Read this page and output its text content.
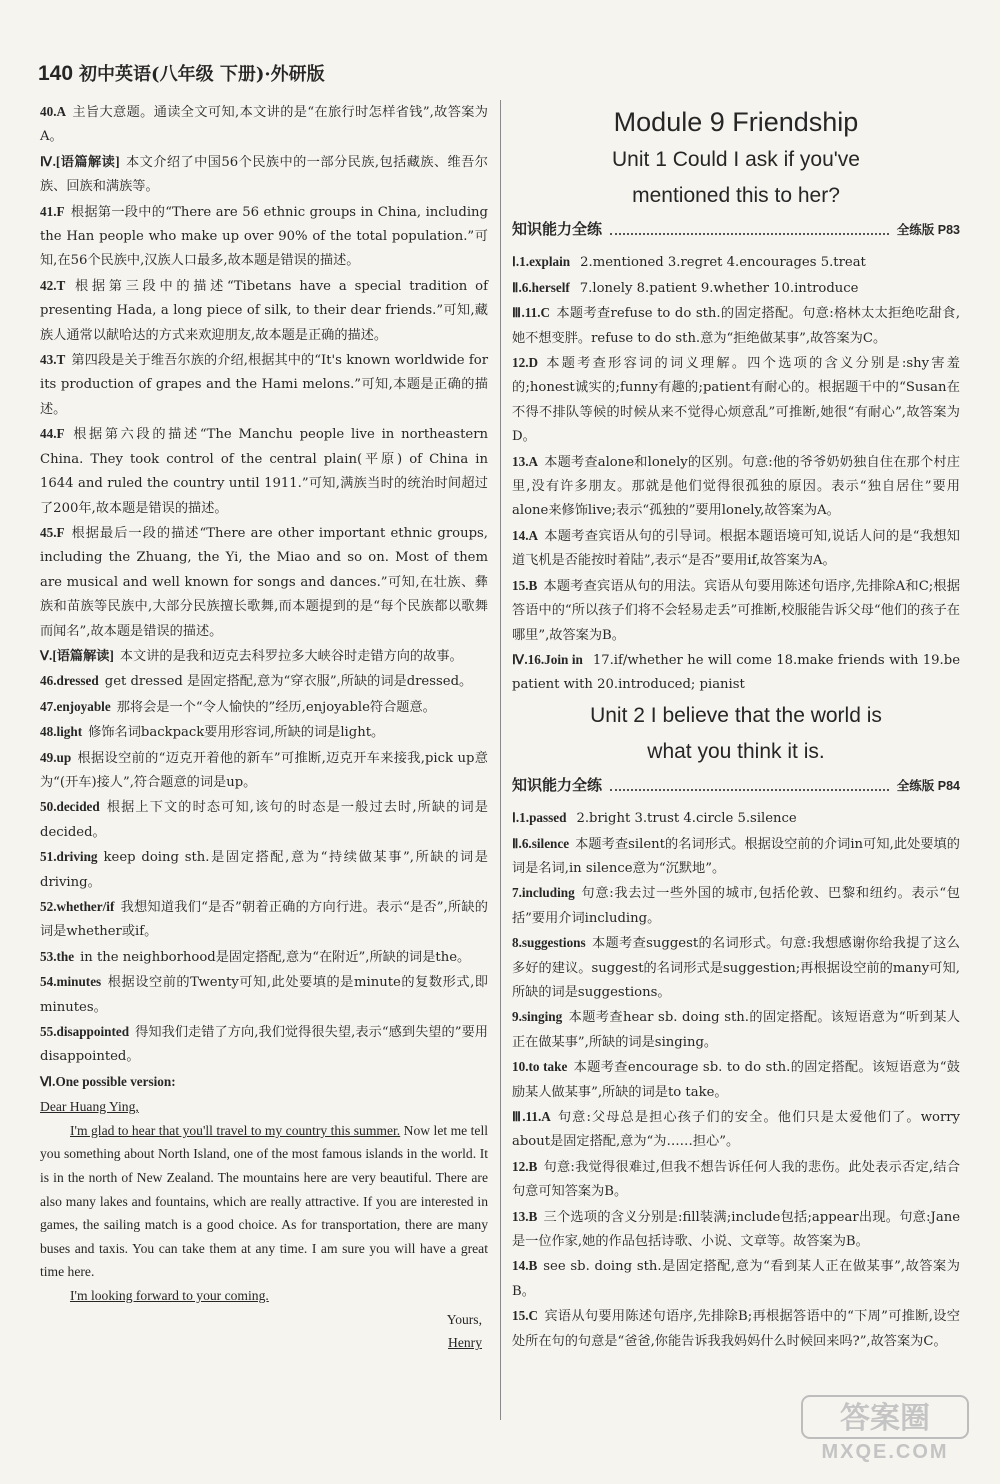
140 初中英语(八年级 下册)·外研版

40.A 主旨大意题。通读全文可知,本文讲的是“在旅行时怎样省钱”,故答案为A。

Ⅳ.[语篇解读] 本文介绍了中国56个民族中的一部分民族,包括藏族、维吾尔族、回族和满族等。

41.F 根据第一段中的“There are 56 ethnic groups in China, including the Han people who make up over 90% of the total population.”可知,在56个民族中,汉族人口最多,故本题是错误的描述。

42.T 根据第三段中的描述“Tibetans have a special tradition of presenting Hada, a long piece of silk, to their dear friends.”可知,藏族人通常以献哈达的方式来欢迎朋友,故本题是正确的描述。

43.T 第四段是关于维吾尔族的介绍,根据其中的“It's known worldwide for its production of grapes and the Hami melons.”可知,本题是正确的描述。

44.F 根据第六段的描述“The Manchu people live in northeastern China. They took control of the central plain(平原) of China in 1644 and ruled the country until 1911.”可知,满族当时的统治时间超过了200年,故本题是错误的描述。

45.F 根据最后一段的描述“There are other important ethnic groups, including the Zhuang, the Yi, the Miao and so on. Most of them are musical and well known for songs and dances.”可知,在壮族、彝族和苗族等民族中,大部分民族擅长歌舞,而本题提到的是“每个民族都以歌舞而闻名”,故本题是错误的描述。

Ⅴ.[语篇解读] 本文讲的是我和迈克去科罗拉多大峡谷时走错方向的故事。

46.dressed get dressed 是固定搭配,意为“穿衣服”,所缺的词是dressed。

47.enjoyable 那将会是一个“令人愉快的”经历,enjoyable符合题意。

48.light 修饰名词backpack要用形容词,所缺的词是light。

49.up 根据设空前的“迈克开着他的新车”可推断,迈克开车来接我,pick up意为“(开车)接人”,符合题意的词是up。

50.decided 根据上下文的时态可知,该句的时态是一般过去时,所缺的词是decided。

51.driving keep doing sth.是固定搭配,意为“持续做某事”,所缺的词是driving。

52.whether/if 我想知道我们“是否”朝着正确的方向行进。表示“是否”,所缺的词是whether或if。

53.the in the neighborhood是固定搭配,意为“在附近”,所缺的词是the。

54.minutes 根据设空前的Twenty可知,此处要填的是minute的复数形式,即minutes。

55.disappointed 得知我们走错了方向,我们觉得很失望,表示“感到失望的”要用disappointed。

Ⅵ.One possible version:

Dear Huang Ying,

I'm glad to hear that you'll travel to my country this summer. Now let me tell you something about North Island, one of the most famous islands in the world. It is in the north of New Zealand. The mountains here are very beautiful. There are also many lakes and fountains, which are really attractive. If you are interested in games, the sailing match is a good choice. As for transportation, there are many buses and taxis. You can take them at any time. I am sure you will have a great time here.

I'm looking forward to your coming.

Yours,

Henry

Module 9 Friendship

Unit 1 Could I ask if you've

mentioned this to her?

知识能力全练	全练版 P83

Ⅰ.1.explain 2.mentioned 3.regret 4.encourages 5.treat

Ⅱ.6.herself 7.lonely 8.patient 9.whether 10.introduce

Ⅲ.11.C 本题考查refuse to do sth.的固定搭配。句意:格林太太拒绝吃甜食,她不想变胖。refuse to do sth.意为“拒绝做某事”,故答案为C。

12.D 本题考查形容词的词义理解。四个选项的含义分别是:shy害羞的;honest诚实的;funny有趣的;patient有耐心的。根据题干中的“Susan在不得不排队等候的时候从来不觉得心烦意乱”可推断,她很“有耐心”,故答案为D。

13.A 本题考查alone和lonely的区别。句意:他的爷爷奶奶独自住在那个村庄里,没有许多朋友。那就是他们觉得很孤独的原因。表示“独自居住”要用alone来修饰live;表示“孤独的”要用lonely,故答案为A。

14.A 本题考查宾语从句的引导词。根据本题语境可知,说话人问的是“我想知道飞机是否能按时着陆”,表示“是否”要用if,故答案为A。

15.B 本题考查宾语从句的用法。宾语从句要用陈述句语序,先排除A和C;根据答语中的“所以孩子们将不会轻易走丢”可推断,校服能告诉父母“他们的孩子在哪里”,故答案为B。

Ⅳ.16.Join in 17.if/whether he will come 18.make friends with 19.be patient with 20.introduced; pianist

Unit 2 I believe that the world is

what you think it is.

知识能力全练	全练版 P84

Ⅰ.1.passed 2.bright 3.trust 4.circle 5.silence

Ⅱ.6.silence 本题考查silent的名词形式。根据设空前的介词in可知,此处要填的词是名词,in silence意为“沉默地”。

7.including 句意:我去过一些外国的城市,包括伦敦、巴黎和纽约。表示“包括”要用介词including。

8.suggestions 本题考查suggest的名词形式。句意:我想感谢你给我提了这么多好的建议。suggest的名词形式是suggestion;再根据设空前的many可知,所缺的词是suggestions。

9.singing 本题考查hear sb. doing sth.的固定搭配。该短语意为“听到某人正在做某事”,所缺的词是singing。

10.to take 本题考查encourage sb. to do sth.的固定搭配。该短语意为“鼓励某人做某事”,所缺的词是to take。

Ⅲ.11.A 句意:父母总是担心孩子们的安全。他们只是太爱他们了。worry about是固定搭配,意为“为……担心”。

12.B 句意:我觉得很难过,但我不想告诉任何人我的悲伤。此处表示否定,结合句意可知答案为B。

13.B 三个选项的含义分别是:fill装满;include包括;appear出现。句意:Jane是一位作家,她的作品包括诗歌、小说、文章等。故答案为B。

14.B see sb. doing sth.是固定搭配,意为“看到某人正在做某事”,故答案为B。

15.C 宾语从句要用陈述句语序,先排除B;再根据答语中的“下周”可推断,设空处所在句的句意是“爸爸,你能告诉我我妈妈什么时候回来吗?”,故答案为C。

答案圈
MXQE.COM
